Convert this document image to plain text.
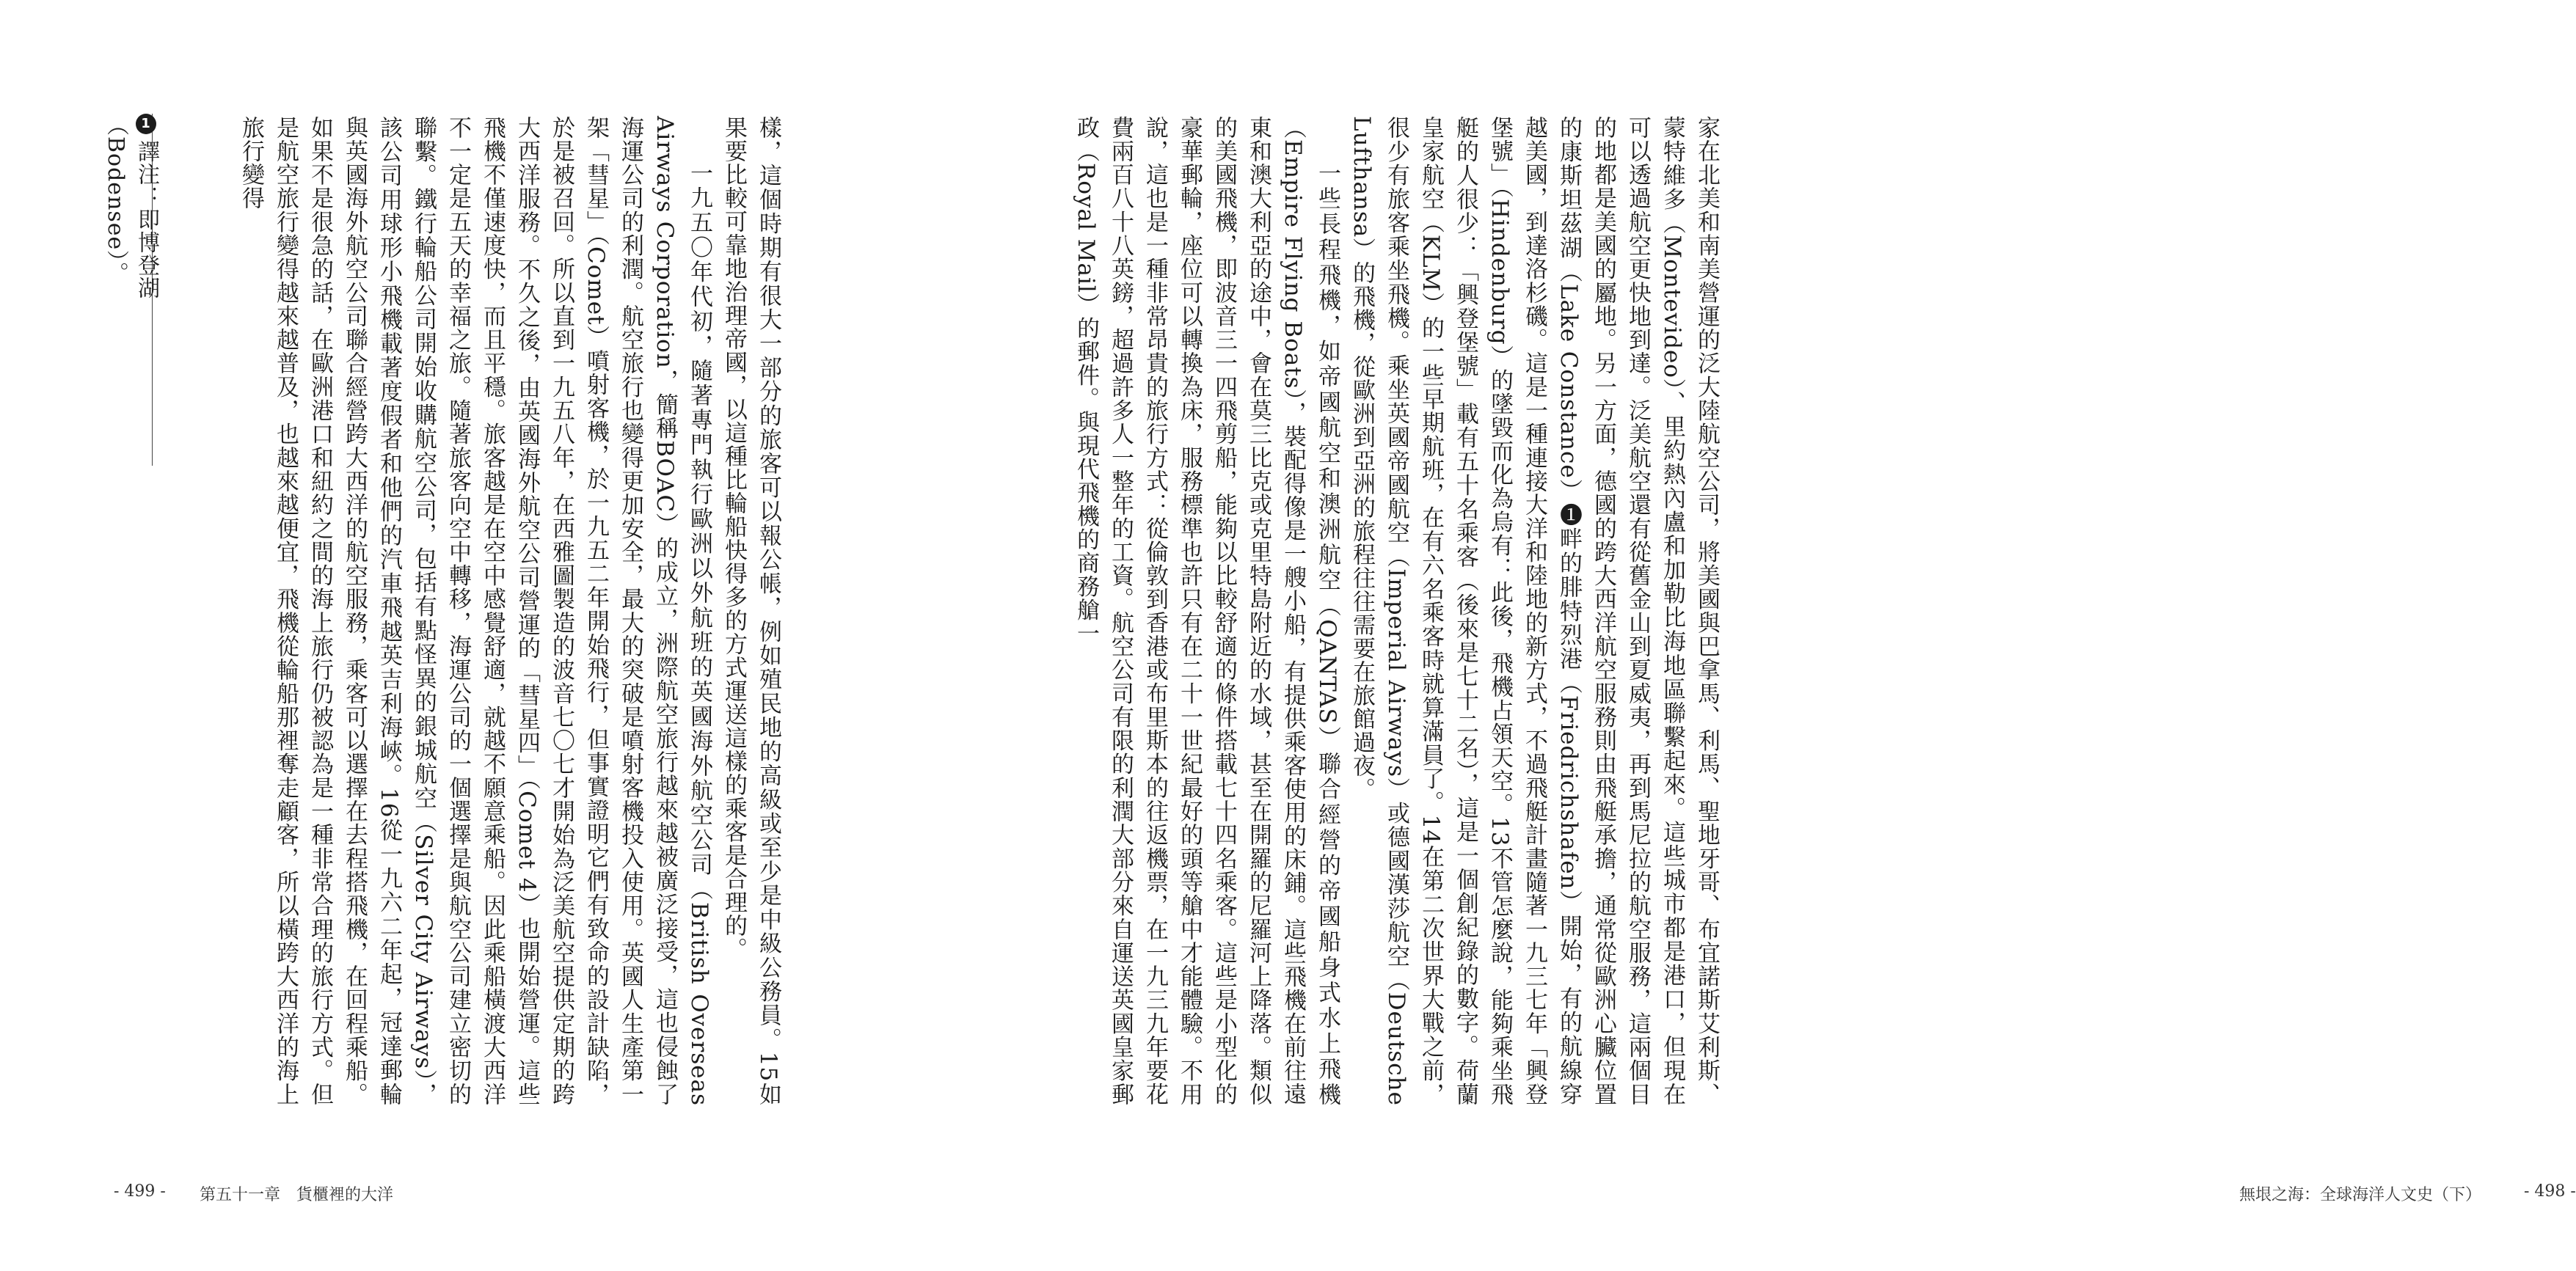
家在北美和南美營運的泛大陸航空公司，將美國與巴拿馬、利馬、聖地牙哥、布宜諾斯艾利斯、蒙特維多（Montevideo）、里約熱內盧和加勒比海地區聯繫起來。這些城市都是港口，但現在可以透過航空更快地到達。泛美航空還有從舊金山到夏威夷，再到馬尼拉的航空服務，這兩個目的地都是美國的屬地。另一方面，德國的跨大西洋航空服務則由飛艇承擔，通常從歐洲心臟位置的康斯坦茲湖（Lake Constance）❶畔的腓特烈港（Friedrichshafen）開始，有的航線穿越美國，到達洛杉磯。這是一種連接大洋和陸地的新方式，不過飛艇計畫隨著一九三七年「興登堡號」（Hindenburg）的墜毀而化為烏有：此後，飛機占領天空。13不管怎麼說，能夠乘坐飛艇的人很少：「興登堡號」載有五十名乘客（後來是七十二名），這是一個創紀錄的數字。荷蘭皇家航空（KLM）的一些早期航班，在有六名乘客時就算滿員了。14在第二次世界大戰之前，很少有旅客乘坐飛機。乘坐英國帝國航空（Imperial Airways）或德國漢莎航空（Deutsche Lufthansa）的飛機，從歐洲到亞洲的旅程往往需要在旅館過夜。

一些長程飛機，如帝國航空和澳洲航空（QANTAS）聯合經營的帝國船身式水上飛機（Empire Flying Boats），裝配得像是一艘小船，有提供乘客使用的床鋪。這些飛機在前往遠東和澳大利亞的途中，會在莫三比克或克里特島附近的水域，甚至在開羅的尼羅河上降落。類似的美國飛機，即波音三一四飛剪船，能夠以比較舒適的條件搭載七十四名乘客。這些是小型化的豪華郵輪，座位可以轉換為床，服務標準也許只有在二十一世紀最好的頭等艙中才能體驗。不用說，這也是一種非常昂貴的旅行方式：從倫敦到香港或布里斯本的往返機票，在一九三九年要花費兩百八十八英鎊，超過許多人一整年的工資。航空公司有限的利潤大部分來自運送英國皇家郵政（Royal Mail）的郵件。與現代飛機的商務艙一

無垠之海：全球海洋人文史（下）	- 498 -

樣，這個時期有很大一部分的旅客可以報公帳，例如殖民地的高級或至少是中級公務員。15如果要比較可靠地治理帝國，以這種比輪船快得多的方式運送這樣的乘客是合理的。

一九五〇年代初，隨著專門執行歐洲以外航班的英國海外航空公司（British Overseas Airways Corporation，簡稱BOAC）的成立，洲際航空旅行越來越被廣泛接受，這也侵蝕了海運公司的利潤。航空旅行也變得更加安全，最大的突破是噴射客機投入使用。英國人生產第一架「彗星」（Comet）噴射客機，於一九五二年開始飛行，但事實證明它們有致命的設計缺陷，於是被召回。所以直到一九五八年，在西雅圖製造的波音七〇七才開始為泛美航空提供定期的跨大西洋服務。不久之後，由英國海外航空公司營運的「彗星四」（Comet 4）也開始營運。這些飛機不僅速度快，而且平穩。旅客越是在空中感覺舒適，就越不願意乘船。因此乘船橫渡大西洋不一定是五天的幸福之旅。隨著旅客向空中轉移，海運公司的一個選擇是與航空公司建立密切的聯繫。鐵行輪船公司開始收購航空公司，包括有點怪異的銀城航空（Silver City Airways），該公司用球形小飛機載著度假者和他們的汽車飛越英吉利海峽。16從一九六二年起，冠達郵輪與英國海外航空公司聯合經營跨大西洋的航空服務，乘客可以選擇在去程搭飛機，在回程乘船。如果不是很急的話，在歐洲港口和紐約之間的海上旅行仍被認為是一種非常合理的旅行方式。但是航空旅行變得越來越普及，也越來越便宜，飛機從輪船那裡奪走顧客，所以橫跨大西洋的海上旅行變得

1譯注：即博登湖（Bodensee）。
- 499 - 第五十一章　貨櫃裡的大洋
